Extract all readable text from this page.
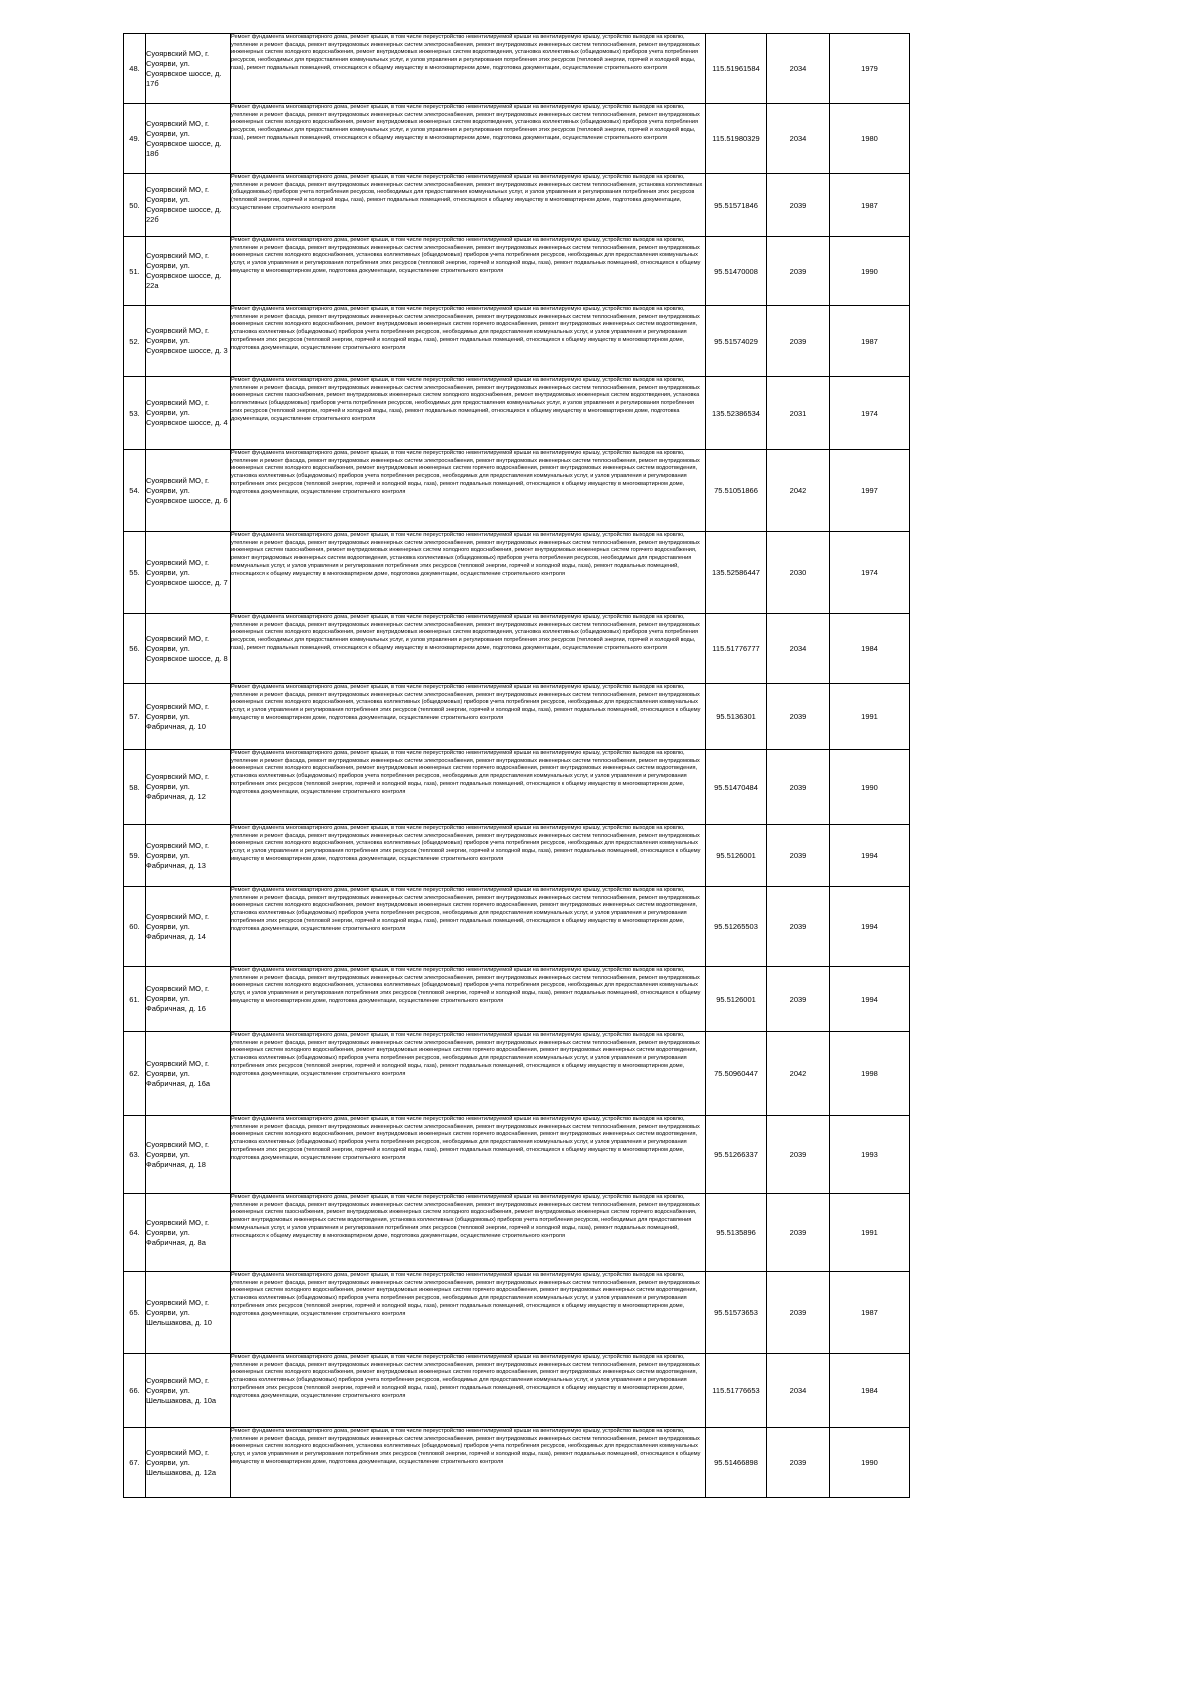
48.	Суоярвский МО, г. Суоярви, ул. Суоярвское шоссе, д. 17б	Ремонт фундамента многоквартирного дома, ремонт крыши, в том числе переустройство невентилируемой крыши на вентилируемую крышу, устройство выходов на кровлю, утепление и ремонт фасада, ремонт внутридомовых инженерных систем электроснабжения, ремонт внутридомовых инженерных систем теплоснабжения, ремонт внутридомовых инженерных систем холодного водоснабжения, ремонт внутридомовых инженерных систем водоотведения, установка коллективных (общедомовых) приборов учета потребления ресурсов, необходимых для предоставления коммунальных услуг, и узлов управления и регулирования потребления этих ресурсов (тепловой энергии, горячей и холодной воды, газа), ремонт подвальных помещений, относящихся к общему имуществу в многоквартирном доме, подготовка документации, осуществление строительного контроля	115.51961584	2034	1979
49.	Суоярвский МО, г. Суоярви, ул. Суоярвское шоссе, д. 18б	Ремонт фундамента многоквартирного дома, ремонт крыши, в том числе переустройство невентилируемой крыши на вентилируемую крышу, устройство выходов на кровлю, утепление и ремонт фасада, ремонт внутридомовых инженерных систем электроснабжения, ремонт внутридомовых инженерных систем теплоснабжения, ремонт внутридомовых инженерных систем холодного водоснабжения, ремонт внутридомовых инженерных систем водоотведения, установка коллективных (общедомовых) приборов учета потребления ресурсов, необходимых для предоставления коммунальных услуг, и узлов управления и регулирования потребления этих ресурсов (тепловой энергии, горячей и холодной воды, газа), ремонт подвальных помещений, относящихся к общему имуществу в многоквартирном доме, подготовка документации, осуществление строительного контроля	115.51980329	2034	1980
50.	Суоярвский МО, г. Суоярви, ул. Суоярвское шоссе, д. 22б	Ремонт фундамента многоквартирного дома, ремонт крыши, в том числе переустройство невентилируемой крыши на вентилируемую крышу, устройство выходов на кровлю, утепление и ремонт фасада, ремонт внутридомовых инженерных систем электроснабжения, ремонт внутридомовых инженерных систем теплоснабжения, установка коллективных (общедомовых) приборов учета потребления ресурсов, необходимых для предоставления коммунальных услуг, и узлов управления и регулирования потребления этих ресурсов (тепловой энергии, горячей и холодной воды, газа), ремонт подвальных помещений, относящихся к общему имуществу в многоквартирном доме, подготовка документации, осуществление строительного контроля	95.51571846	2039	1987
51.	Суоярвский МО, г. Суоярви, ул. Суоярвское шоссе, д. 22а	Ремонт фундамента многоквартирного дома, ремонт крыши, в том числе переустройство невентилируемой крыши на вентилируемую крышу, устройство выходов на кровлю, утепление и ремонт фасада, ремонт внутридомовых инженерных систем электроснабжения, ремонт внутридомовых инженерных систем теплоснабжения, ремонт внутридомовых инженерных систем холодного водоснабжения, установка коллективных (общедомовых) приборов учета потребления ресурсов, необходимых для предоставления коммунальных услуг, и узлов управления и регулирования потребления этих ресурсов (тепловой энергии, горячей и холодной воды, газа), ремонт подвальных помещений, относящихся к общему имуществу в многоквартирном доме, подготовка документации, осуществление строительного контроля	95.51470008	2039	1990
52.	Суоярвский МО, г. Суоярви, ул. Суоярвское шоссе, д. 3	Ремонт фундамента многоквартирного дома, ремонт крыши, в том числе переустройство невентилируемой крыши на вентилируемую крышу, устройство выходов на кровлю, утепление и ремонт фасада, ремонт внутридомовых инженерных систем электроснабжения, ремонт внутридомовых инженерных систем теплоснабжения, ремонт внутридомовых инженерных систем холодного водоснабжения, ремонт внутридомовых инженерных систем горячего водоснабжения, ремонт внутридомовых инженерных систем водоотведения, установка коллективных (общедомовых) приборов учета потребления ресурсов, необходимых для предоставления коммунальных услуг, и узлов управления и регулирования потребления этих ресурсов (тепловой энергии, горячей и холодной воды, газа), ремонт подвальных помещений, относящихся к общему имуществу в многоквартирном доме, подготовка документации, осуществление строительного контроля	95.51574029	2039	1987
53.	Суоярвский МО, г. Суоярви, ул. Суоярвское шоссе, д. 4	Ремонт фундамента многоквартирного дома, ремонт крыши, в том числе переустройство невентилируемой крыши на вентилируемую крышу, устройство выходов на кровлю, утепление и ремонт фасада, ремонт внутридомовых инженерных систем электроснабжения, ремонт внутридомовых инженерных систем теплоснабжения, ремонт внутридомовых инженерных систем газоснабжения, ремонт внутридомовых инженерных систем холодного водоснабжения, ремонт внутридомовых инженерных систем водоотведения, установка коллективных (общедомовых) приборов учета потребления ресурсов, необходимых для предоставления коммунальных услуг, и узлов управления и регулирования потребления этих ресурсов (тепловой энергии, горячей и холодной воды, газа), ремонт подвальных помещений, относящихся к общему имуществу в многоквартирном доме, подготовка документации, осуществление строительного контроля	135.52386534	2031	1974
54.	Суоярвский МО, г. Суоярви, ул. Суоярвское шоссе, д. 6	Ремонт фундамента многоквартирного дома, ремонт крыши, в том числе переустройство невентилируемой крыши на вентилируемую крышу, устройство выходов на кровлю, утепление и ремонт фасада, ремонт внутридомовых инженерных систем электроснабжения, ремонт внутридомовых инженерных систем теплоснабжения, ремонт внутридомовых инженерных систем холодного водоснабжения, ремонт внутридомовых инженерных систем горячего водоснабжения, ремонт внутридомовых инженерных систем водоотведения, установка коллективных (общедомовых) приборов учета потребления ресурсов, необходимых для предоставления коммунальных услуг, и узлов управления и регулирования потребления этих ресурсов (тепловой энергии, горячей и холодной воды, газа), ремонт подвальных помещений, относящихся к общему имуществу в многоквартирном доме, подготовка документации, осуществление строительного контроля	75.51051866	2042	1997
55.	Суоярвский МО, г. Суоярви, ул. Суоярвское шоссе, д. 7	Ремонт фундамента многоквартирного дома, ремонт крыши, в том числе переустройство невентилируемой крыши на вентилируемую крышу, устройство выходов на кровлю, утепление и ремонт фасада, ремонт внутридомовых инженерных систем электроснабжения, ремонт внутридомовых инженерных систем теплоснабжения, ремонт внутридомовых инженерных систем газоснабжения, ремонт внутридомовых инженерных систем холодного водоснабжения, ремонт внутридомовых инженерных систем горячего водоснабжения, ремонт внутридомовых инженерных систем водоотведения, установка коллективных (общедомовых) приборов учета потребления ресурсов, необходимых для предоставления коммунальных услуг, и узлов управления и регулирования потребления этих ресурсов (тепловой энергии, горячей и холодной воды, газа), ремонт подвальных помещений, относящихся к общему имуществу в многоквартирном доме, подготовка документации, осуществление строительного контроля	135.52586447	2030	1974
56.	Суоярвский МО, г. Суоярви, ул. Суоярвское шоссе, д. 8	Ремонт фундамента многоквартирного дома, ремонт крыши, в том числе переустройство невентилируемой крыши на вентилируемую крышу, устройство выходов на кровлю, утепление и ремонт фасада, ремонт внутридомовых инженерных систем электроснабжения, ремонт внутридомовых инженерных систем теплоснабжения, ремонт внутридомовых инженерных систем холодного водоснабжения, ремонт внутридомовых инженерных систем водоотведения, установка коллективных (общедомовых) приборов учета потребления ресурсов, необходимых для предоставления коммунальных услуг, и узлов управления и регулирования потребления этих ресурсов (тепловой энергии, горячей и холодной воды, газа), ремонт подвальных помещений, относящихся к общему имуществу в многоквартирном доме, подготовка документации, осуществление строительного контроля	115.51776777	2034	1984
57.	Суоярвский МО, г. Суоярви, ул. Фабричная, д. 10	Ремонт фундамента многоквартирного дома, ремонт крыши, в том числе переустройство невентилируемой крыши на вентилируемую крышу, устройство выходов на кровлю, утепление и ремонт фасада, ремонт внутридомовых инженерных систем электроснабжения, ремонт внутридомовых инженерных систем теплоснабжения, ремонт внутридомовых инженерных систем холодного водоснабжения, установка коллективных (общедомовых) приборов учета потребления ресурсов, необходимых для предоставления коммунальных услуг, и узлов управления и регулирования потребления этих ресурсов (тепловой энергии, горячей и холодной воды, газа), ремонт подвальных помещений, относящихся к общему имуществу в многоквартирном доме, подготовка документации, осуществление строительного контроля	95.5136301	2039	1991
58.	Суоярвский МО, г. Суоярви, ул. Фабричная, д. 12	Ремонт фундамента многоквартирного дома, ремонт крыши, в том числе переустройство невентилируемой крыши на вентилируемую крышу, устройство выходов на кровлю, утепление и ремонт фасада, ремонт внутридомовых инженерных систем электроснабжения, ремонт внутридомовых инженерных систем теплоснабжения, ремонт внутридомовых инженерных систем холодного водоснабжения, ремонт внутридомовых инженерных систем горячего водоснабжения, ремонт внутридомовых инженерных систем водоотведения, установка коллективных (общедомовых) приборов учета потребления ресурсов, необходимых для предоставления коммунальных услуг, и узлов управления и регулирования потребления этих ресурсов (тепловой энергии, горячей и холодной воды, газа), ремонт подвальных помещений, относящихся к общему имуществу в многоквартирном доме, подготовка документации, осуществление строительного контроля	95.51470484	2039	1990
59.	Суоярвский МО, г. Суоярви, ул. Фабричная, д. 13	Ремонт фундамента многоквартирного дома, ремонт крыши, в том числе переустройство невентилируемой крыши на вентилируемую крышу, устройство выходов на кровлю, утепление и ремонт фасада, ремонт внутридомовых инженерных систем электроснабжения, ремонт внутридомовых инженерных систем теплоснабжения, ремонт внутридомовых инженерных систем холодного водоснабжения, установка коллективных (общедомовых) приборов учета потребления ресурсов, необходимых для предоставления коммунальных услуг, и узлов управления и регулирования потребления этих ресурсов (тепловой энергии, горячей и холодной воды, газа), ремонт подвальных помещений, относящихся к общему имуществу в многоквартирном доме, подготовка документации, осуществление строительного контроля	95.5126001	2039	1994
60.	Суоярвский МО, г. Суоярви, ул. Фабричная, д. 14	Ремонт фундамента многоквартирного дома, ремонт крыши, в том числе переустройство невентилируемой крыши на вентилируемую крышу, устройство выходов на кровлю, утепление и ремонт фасада, ремонт внутридомовых инженерных систем электроснабжения, ремонт внутридомовых инженерных систем теплоснабжения, ремонт внутридомовых инженерных систем холодного водоснабжения, ремонт внутридомовых инженерных систем горячего водоснабжения, ремонт внутридомовых инженерных систем водоотведения, установка коллективных (общедомовых) приборов учета потребления ресурсов, необходимых для предоставления коммунальных услуг, и узлов управления и регулирования потребления этих ресурсов (тепловой энергии, горячей и холодной воды, газа), ремонт подвальных помещений, относящихся к общему имуществу в многоквартирном доме, подготовка документации, осуществление строительного контроля	95.51265503	2039	1994
61.	Суоярвский МО, г. Суоярви, ул. Фабричная, д. 16	Ремонт фундамента многоквартирного дома, ремонт крыши, в том числе переустройство невентилируемой крыши на вентилируемую крышу, устройство выходов на кровлю, утепление и ремонт фасада, ремонт внутридомовых инженерных систем электроснабжения, ремонт внутридомовых инженерных систем теплоснабжения, ремонт внутридомовых инженерных систем холодного водоснабжения, установка коллективных (общедомовых) приборов учета потребления ресурсов, необходимых для предоставления коммунальных услуг, и узлов управления и регулирования потребления этих ресурсов (тепловой энергии, горячей и холодной воды, газа), ремонт подвальных помещений, относящихся к общему имуществу в многоквартирном доме, подготовка документации, осуществление строительного контроля	95.5126001	2039	1994
62.	Суоярвский МО, г. Суоярви, ул. Фабричная, д. 16а	Ремонт фундамента многоквартирного дома, ремонт крыши, в том числе переустройство невентилируемой крыши на вентилируемую крышу, устройство выходов на кровлю, утепление и ремонт фасада, ремонт внутридомовых инженерных систем электроснабжения, ремонт внутридомовых инженерных систем теплоснабжения, ремонт внутридомовых инженерных систем холодного водоснабжения, ремонт внутридомовых инженерных систем горячего водоснабжения, ремонт внутридомовых инженерных систем водоотведения, установка коллективных (общедомовых) приборов учета потребления ресурсов, необходимых для предоставления коммунальных услуг, и узлов управления и регулирования потребления этих ресурсов (тепловой энергии, горячей и холодной воды, газа), ремонт подвальных помещений, относящихся к общему имуществу в многоквартирном доме, подготовка документации, осуществление строительного контроля	75.50960447	2042	1998
63.	Суоярвский МО, г. Суоярви, ул. Фабричная, д. 18	Ремонт фундамента многоквартирного дома, ремонт крыши, в том числе переустройство невентилируемой крыши на вентилируемую крышу, устройство выходов на кровлю, утепление и ремонт фасада, ремонт внутридомовых инженерных систем электроснабжения, ремонт внутридомовых инженерных систем теплоснабжения, ремонт внутридомовых инженерных систем холодного водоснабжения, ремонт внутридомовых инженерных систем горячего водоснабжения, ремонт внутридомовых инженерных систем водоотведения, установка коллективных (общедомовых) приборов учета потребления ресурсов, необходимых для предоставления коммунальных услуг, и узлов управления и регулирования потребления этих ресурсов (тепловой энергии, горячей и холодной воды, газа), ремонт подвальных помещений, относящихся к общему имуществу в многоквартирном доме, подготовка документации, осуществление строительного контроля	95.51266337	2039	1993
64.	Суоярвский МО, г. Суоярви, ул. Фабричная, д. 8а	Ремонт фундамента многоквартирного дома, ремонт крыши, в том числе переустройство невентилируемой крыши на вентилируемую крышу, устройство выходов на кровлю, утепление и ремонт фасада, ремонт внутридомовых инженерных систем электроснабжения, ремонт внутридомовых инженерных систем теплоснабжения, ремонт внутридомовых инженерных систем газоснабжения, ремонт внутридомовых инженерных систем холодного водоснабжения, ремонт внутридомовых инженерных систем горячего водоснабжения, ремонт внутридомовых инженерных систем водоотведения, установка коллективных (общедомовых) приборов учета потребления ресурсов, необходимых для предоставления коммунальных услуг, и узлов управления и регулирования потребления этих ресурсов (тепловой энергии, горячей и холодной воды, газа), ремонт подвальных помещений, относящихся к общему имуществу в многоквартирном доме, подготовка документации, осуществление строительного контроля	95.5135896	2039	1991
65.	Суоярвский МО, г. Суоярви, ул. Шельшакова, д. 10	Ремонт фундамента многоквартирного дома, ремонт крыши, в том числе переустройство невентилируемой крыши на вентилируемую крышу, устройство выходов на кровлю, утепление и ремонт фасада, ремонт внутридомовых инженерных систем электроснабжения, ремонт внутридомовых инженерных систем теплоснабжения, ремонт внутридомовых инженерных систем холодного водоснабжения, ремонт внутридомовых инженерных систем горячего водоснабжения, ремонт внутридомовых инженерных систем водоотведения, установка коллективных (общедомовых) приборов учета потребления ресурсов, необходимых для предоставления коммунальных услуг, и узлов управления и регулирования потребления этих ресурсов (тепловой энергии, горячей и холодной воды, газа), ремонт подвальных помещений, относящихся к общему имуществу в многоквартирном доме, подготовка документации, осуществление строительного контроля	95.51573653	2039	1987
66.	Суоярвский МО, г. Суоярви, ул. Шельшакова, д. 10а	Ремонт фундамента многоквартирного дома, ремонт крыши, в том числе переустройство невентилируемой крыши на вентилируемую крышу, устройство выходов на кровлю, утепление и ремонт фасада, ремонт внутридомовых инженерных систем электроснабжения, ремонт внутридомовых инженерных систем теплоснабжения, ремонт внутридомовых инженерных систем холодного водоснабжения, ремонт внутридомовых инженерных систем горячего водоснабжения, ремонт внутридомовых инженерных систем водоотведения, установка коллективных (общедомовых) приборов учета потребления ресурсов, необходимых для предоставления коммунальных услуг, и узлов управления и регулирования потребления этих ресурсов (тепловой энергии, горячей и холодной воды, газа), ремонт подвальных помещений, относящихся к общему имуществу в многоквартирном доме, подготовка документации, осуществление строительного контроля	115.51776653	2034	1984
67.	Суоярвский МО, г. Суоярви, ул. Шельшакова, д. 12а	Ремонт фундамента многоквартирного дома, ремонт крыши, в том числе переустройство невентилируемой крыши на вентилируемую крышу, устройство выходов на кровлю, утепление и ремонт фасада, ремонт внутридомовых инженерных систем электроснабжения, ремонт внутридомовых инженерных систем теплоснабжения, ремонт внутридомовых инженерных систем холодного водоснабжения, установка коллективных (общедомовых) приборов учета потребления ресурсов, необходимых для предоставления коммунальных услуг, и узлов управления и регулирования потребления этих ресурсов (тепловой энергии, горячей и холодной воды, газа), ремонт подвальных помещений, относящихся к общему имуществу в многоквартирном доме, подготовка документации, осуществление строительного контроля	95.51466898	2039	1990
